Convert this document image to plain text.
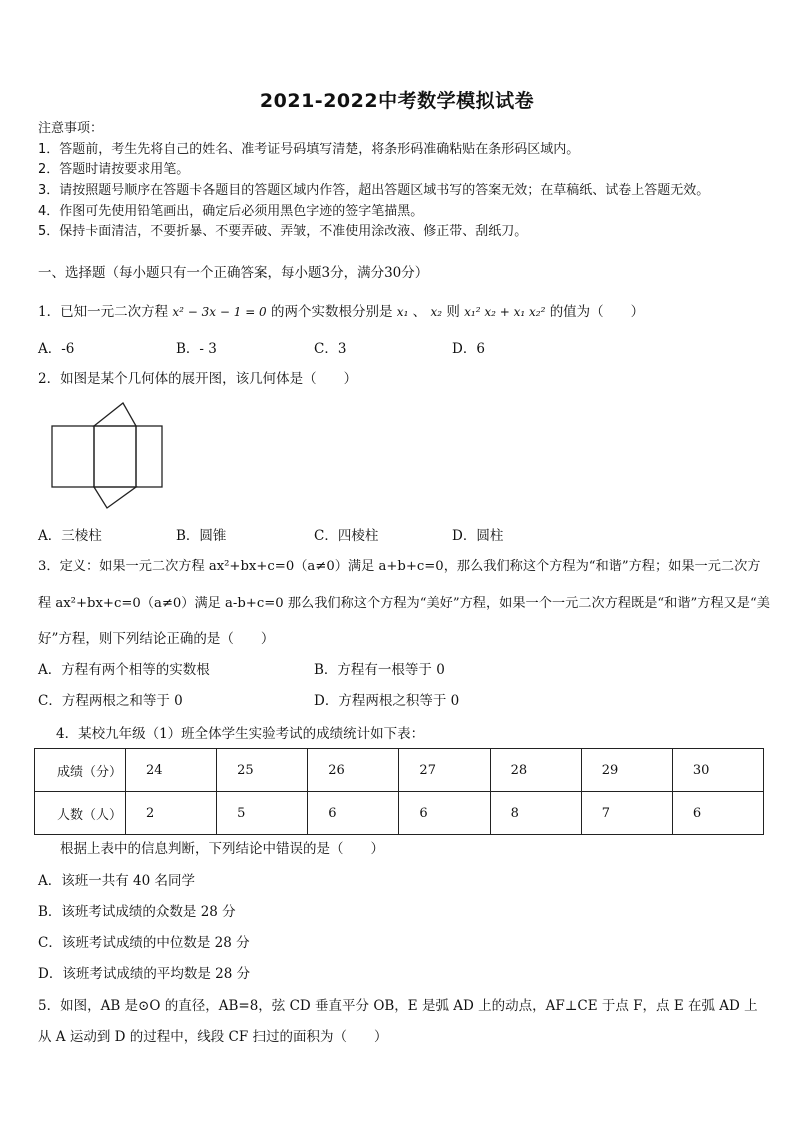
2021-2022中考数学模拟试卷
注意事项：
1．答题前，考生先将自己的姓名、准考证号码填写清楚，将条形码准确粘贴在条形码区域内。
2．答题时请按要求用笔。
3．请按照题号顺序在答题卡各题目的答题区域内作答，超出答题区域书写的答案无效；在草稿纸、试卷上答题无效。
4．作图可先使用铅笔画出，确定后必须用黑色字迹的签字笔描黑。
5．保持卡面清洁，不要折暴、不要弄破、弄皱，不准使用涂改液、修正带、刮纸刀。
一、选择题（每小题只有一个正确答案，每小题3分，满分30分）
1．已知一元二次方程 x² − 3x − 1 = 0 的两个实数根分别是 x₁ 、 x₂ 则 x₁² x₂ + x₁ x₂² 的值为（　　）
A．-6	B．- 3	C．3	D．6
2．如图是某个几何体的展开图，该几何体是（　　）
A．三棱柱	B．圆锥	C．四棱柱	D．圆柱
3．定义：如果一元二次方程 ax²+bx+c=0（a≠0）满足 a+b+c=0，那么我们称这个方程为“和谐”方程；如果一元二次方
程 ax²+bx+c=0（a≠0）满足 a-b+c=0 那么我们称这个方程为“美好”方程，如果一个一元二次方程既是“和谐”方程又是“美
好”方程，则下列结论正确的是（　　）
A．方程有两个相等的实数根	B．方程有一根等于 0
C．方程两根之和等于 0	D．方程两根之积等于 0
4．某校九年级（1）班全体学生实验考试的成绩统计如下表：
成绩（分）	24	25	26	27	28	29	30
人数（人）	2	5	6	6	8	7	6
根据上表中的信息判断，下列结论中错误的是（　　）
A．该班一共有 40 名同学
B．该班考试成绩的众数是 28 分
C．该班考试成绩的中位数是 28 分
D．该班考试成绩的平均数是 28 分
5．如图，AB 是⊙O 的直径，AB=8，弦 CD 垂直平分 OB，E 是弧 AD 上的动点，AF⊥CE 于点 F，点 E 在弧 AD 上
从 A 运动到 D 的过程中，线段 CF 扫过的面积为（　　）
